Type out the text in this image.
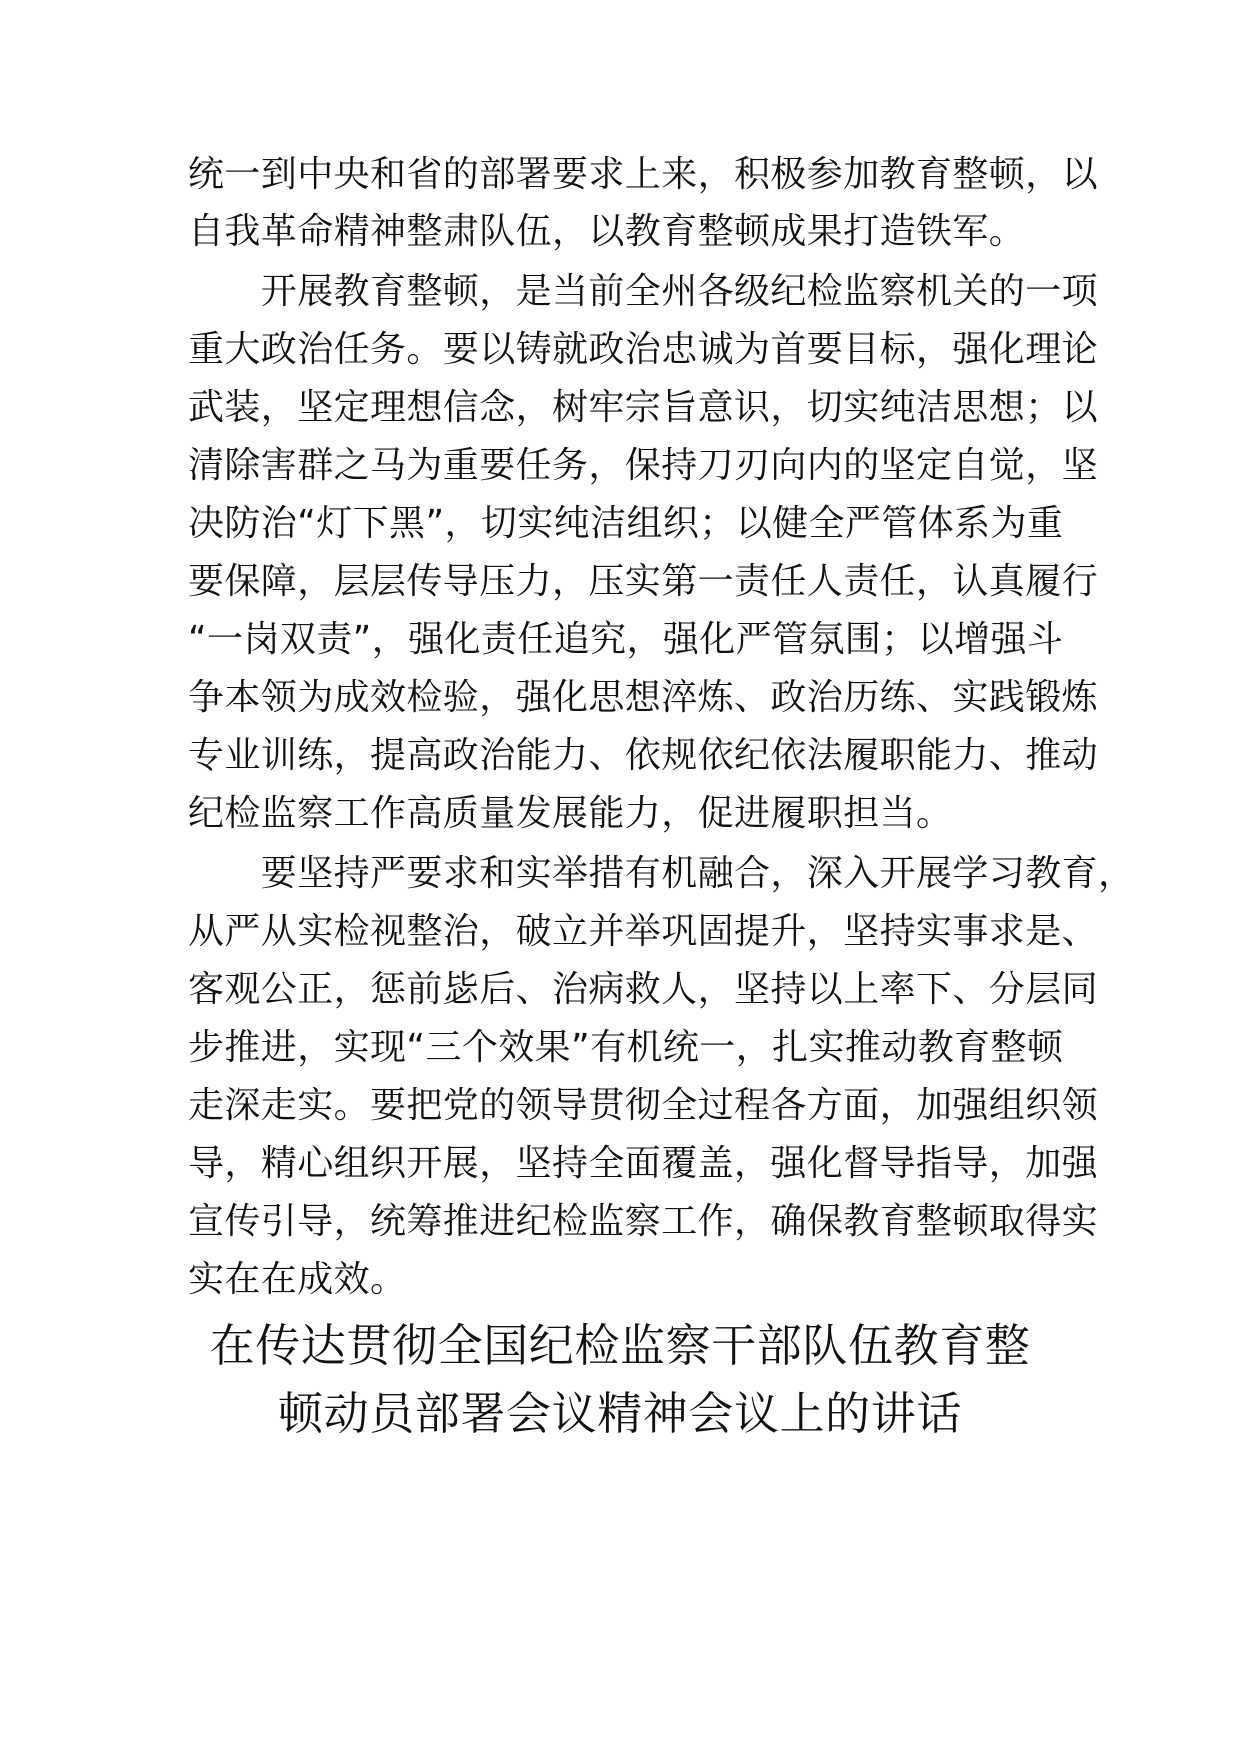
统一到中央和省的部署要求上来，积极参加教育整顿，以
自我革命精神整肃队伍，以教育整顿成果打造铁军。
　　开展教育整顿，是当前全州各级纪检监察机关的一项
重大政治任务。要以铸就政治忠诚为首要目标，强化理论
武装，坚定理想信念，树牢宗旨意识，切实纯洁思想；以
清除害群之马为重要任务，保持刀刃向内的坚定自觉，坚
决防治“灯下黑”，切实纯洁组织；以健全严管体系为重
要保障，层层传导压力，压实第一责任人责任，认真履行
“一岗双责”，强化责任追究，强化严管氛围；以增强斗
争本领为成效检验，强化思想淬炼、政治历练、实践锻炼
专业训练，提高政治能力、依规依纪依法履职能力、推动
纪检监察工作高质量发展能力，促进履职担当。
　　要坚持严要求和实举措有机融合，深入开展学习教育，
从严从实检视整治，破立并举巩固提升，坚持实事求是、
客观公正，惩前毖后、治病救人，坚持以上率下、分层同
步推进，实现“三个效果”有机统一，扎实推动教育整顿
走深走实。要把党的领导贯彻全过程各方面，加强组织领
导，精心组织开展，坚持全面覆盖，强化督导指导，加强
宣传引导，统筹推进纪检监察工作，确保教育整顿取得实
实在在成效。
在传达贯彻全国纪检监察干部队伍教育整
顿动员部署会议精神会议上的讲话
